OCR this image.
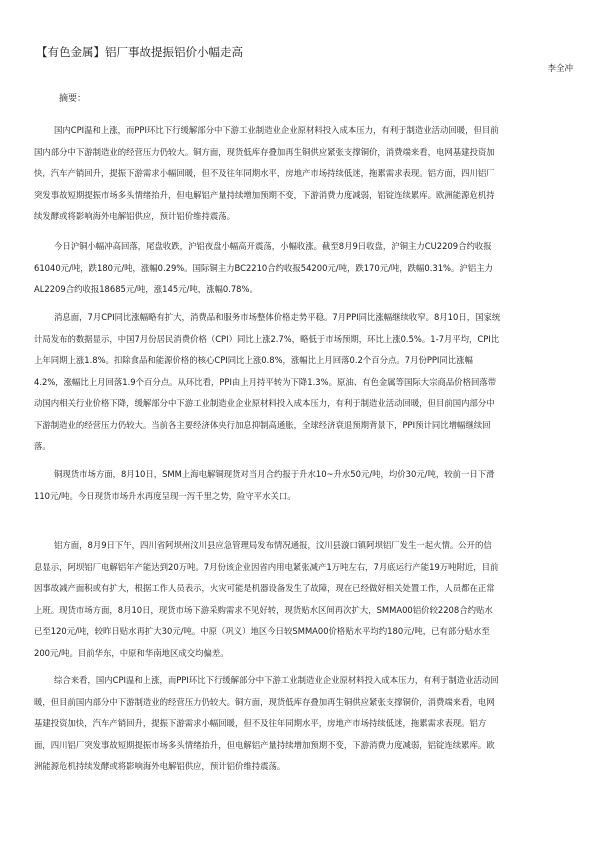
【有色金属】铝厂事故提振铝价小幅走高
李全冲
摘要：
国内CPI温和上涨，而PPI环比下行缓解部分中下游工业制造业企业原材料投入成本压力，有利于制造业活动回暖，但目前
国内部分中下游制造业的经营压力仍较大。铜方面，现货低库存叠加再生铜供应紧张支撑铜价，消费端来看，电网基建投资加
快，汽车产销回升，提振下游需求小幅回暖，但不及往年同期水平，房地产市场持续低迷，拖累需求表现。铝方面，四川铝厂
突发事故短期提振市场多头情绪抬升，但电解铝产量持续增加预期不变，下游消费力度减弱，铝锭连续累库。欧洲能源危机持
续发酵或将影响海外电解铝供应，预计铝价维持震荡。
今日沪铜小幅冲高回落，尾盘收跌，沪铝夜盘小幅高开震荡，小幅收涨。截至8月9日收盘，沪铜主力CU2209合约收报
61040元/吨，跌180元/吨，涨幅0.29%。国际铜主力BC2210合约收报54200元/吨，跌170元/吨，跌幅0.31%。沪铝主力
AL2209合约收报18685元/吨，涨145元/吨，涨幅0.78%。
消息面，7月CPI同比涨幅略有扩大，消费品和服务市场整体价格走势平稳。7月PPI同比涨幅继续收窄。8月10日，国家统
计局发布的数据显示，中国7月份居民消费价格（CPI）同比上涨2.7%，略低于市场预期，环比上涨0.5%。1-7月平均，CPI比
上年同期上涨1.8%。扣除食品和能源价格的核心CPI同比上涨0.8%，涨幅比上月回落0.2个百分点。7月份PPI同比涨幅
4.2%，涨幅比上月回落1.9个百分点。从环比看，PPI由上月持平转为下降1.3%。原油、有色金属等国际大宗商品价格回落带
动国内相关行业价格下降，缓解部分中下游工业制造业企业原材料投入成本压力，有利于制造业活动回暖，但目前国内部分中
下游制造业的经营压力仍较大。当前各主要经济体央行加息抑制高通胀，全球经济衰退预期背景下，PPI预计同比增幅继续回
落。
铜现货市场方面，8月10日，SMM上海电解铜现货对当月合约报于升水10~升水50元/吨，均价30元/吨，较前一日下滑
110元/吨。今日现货市场升水再度呈现一泻千里之势，险守平水关口。
铝方面，8月9日下午，四川省阿坝州汶川县应急管理局发布情况通报，汶川县漩口镇阿坝铝厂发生一起火情。公开的信
息显示，阿坝铝厂电解铝年产能达到20万吨。7月份该企业因省内用电紧张减产1万吨左右，7月底运行产能19万吨附近，目前
因事故减产面积或有扩大，根据工作人员表示，火灾可能是机器设备发生了故障，现在已经做好相关处置工作，人员都在正常
上班。现货市场方面，8月10日，现货市场下游采购需求不见好转，现货贴水区间再次扩大，SMMA00铝价较2208合约贴水
已至120元/吨，较昨日贴水再扩大30元/吨。中原（巩义）地区今日较SMMA00价格贴水平均约180元/吨，已有部分贴水至
200元/吨。目前华东，中原和华南地区成交均偏差。
综合来看，国内CPI温和上涨，而PPI环比下行缓解部分中下游工业制造业企业原材料投入成本压力，有利于制造业活动回
暖，但目前国内部分中下游制造业的经营压力仍较大。铜方面，现货低库存叠加再生铜供应紧张支撑铜价，消费端来看，电网
基建投资加快，汽车产销回升，提振下游需求小幅回暖，但不及往年同期水平，房地产市场持续低迷，拖累需求表现。铝方
面，四川铝厂突发事故短期提振市场多头情绪抬升，但电解铝产量持续增加预期不变，下游消费力度减弱，铝锭连续累库。欧
洲能源危机持续发酵或将影响海外电解铝供应，预计铝价维持震荡。
